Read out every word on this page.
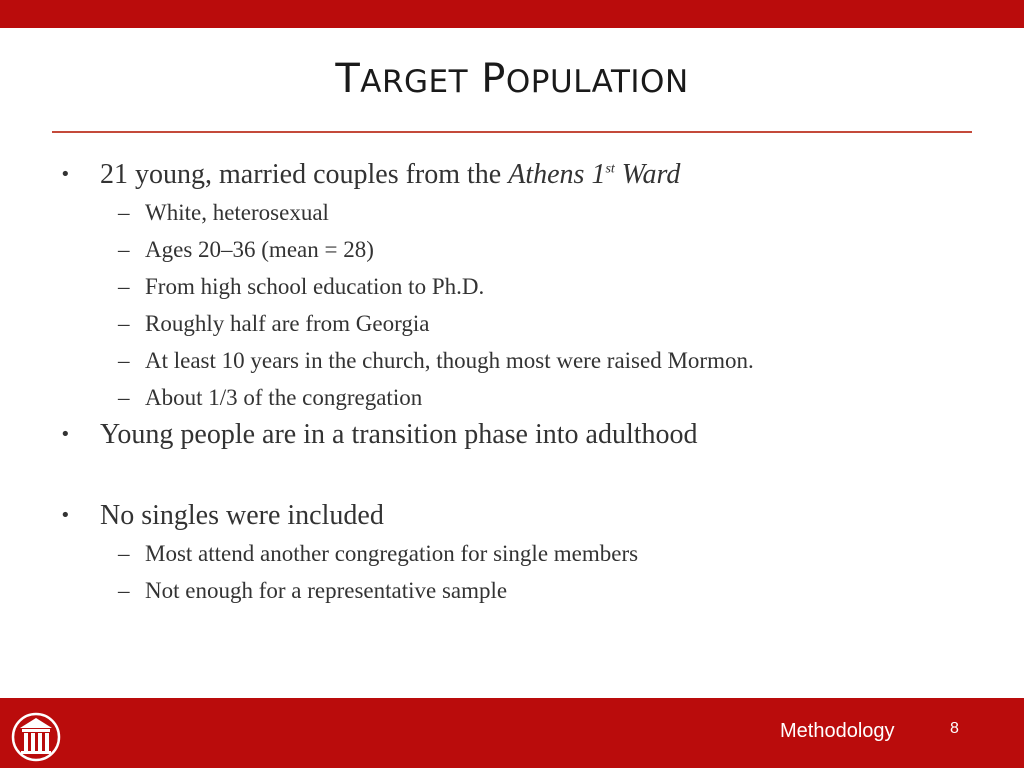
TARGET POPULATION
• 21 young, married couples from the Athens 1st Ward
– White, heterosexual
– Ages 20–36 (mean = 28)
– From high school education to Ph.D.
– Roughly half are from Georgia
– At least 10 years in the church, though most were raised Mormon.
– About 1/3 of the congregation
• Young people are in a transition phase into adulthood
• No singles were included
– Most attend another congregation for single members
– Not enough for a representative sample
Methodology	8
